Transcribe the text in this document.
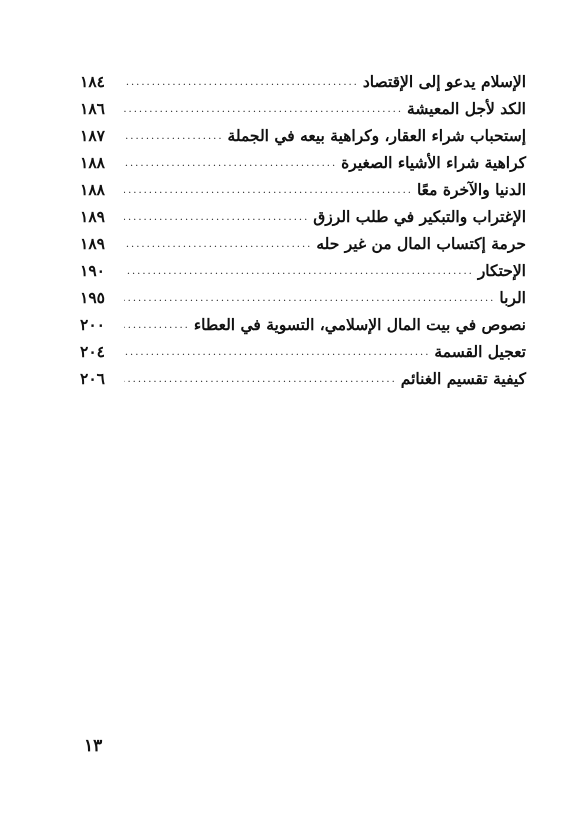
الإسلام يدعو إلى الإقتصاد
.....
١٨٤
الكد لأجل المعيشة
.....
١٨٦
إستحباب شراء العقار، وكراهية بيعه في الجملة
.....
١٨٧
كراهية شراء الأشياء الصغيرة
.....
١٨٨
الدنيا والآخرة معًا
.....
١٨٨
الإغتراب والتبكير في طلب الرزق
.....
١٨٩
حرمة إكتساب المال من غير حله
.....
١٨٩
الإحتكار
.....
١٩٠
الربا
.....
١٩٥
نصوص في بيت المال الإسلامي، التسوية في العطاء
.....
٢٠٠
تعجيل القسمة
.....
٢٠٤
كيفية تقسيم الغنائم
.....
٢٠٦
١٣
